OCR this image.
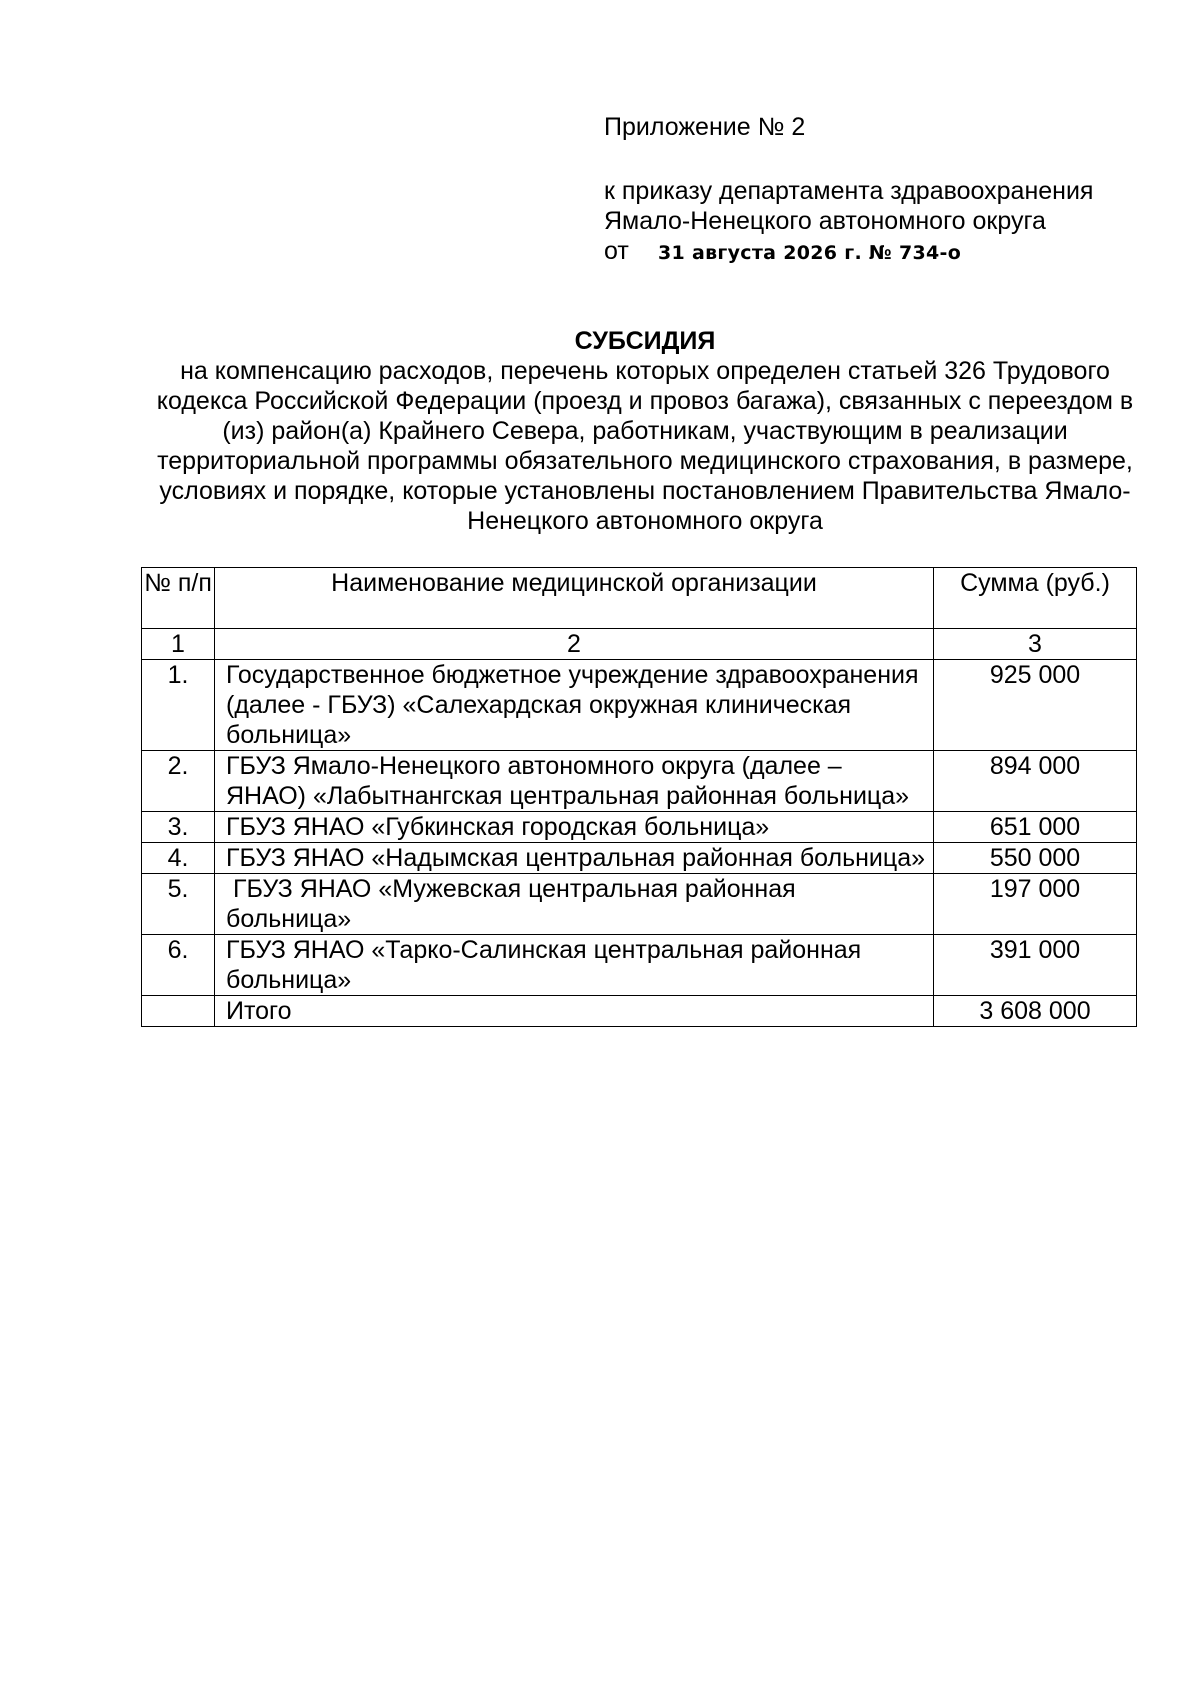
Приложение № 2
к приказу департамента здравоохранения
Ямало-Ненецкого автономного округа
от 31 августа 2026 г. № 734-о
СУБСИДИЯ
на компенсацию расходов, перечень которых определен статьей 326 Трудового кодекса Российской Федерации (проезд и провоз багажа), связанных с переездом в (из) район(а) Крайнего Севера, работникам, участвующим в реализации территориальной программы обязательного медицинского страхования, в размере, условиях и порядке, которые установлены постановлением Правительства Ямало-Ненецкого автономного округа
№ п/п	Наименование медицинской организации	Сумма (руб.)
1	2	3
1.	Государственное бюджетное учреждение здравоохранения (далее - ГБУЗ) «Салехардская окружная клиническая больница»	925 000
2.	ГБУЗ Ямало-Ненецкого автономного округа (далее – ЯНАО) «Лабытнангская центральная районная больница»	894 000
3.	ГБУЗ ЯНАО «Губкинская городская больница»	651 000
4.	ГБУЗ ЯНАО «Надымская центральная районная больница»	550 000
5.	ГБУЗ ЯНАО «Мужевская центральная районная больница»	197 000
6.	ГБУЗ ЯНАО «Тарко-Салинская центральная районная больница»	391 000
	Итого	3 608 000
